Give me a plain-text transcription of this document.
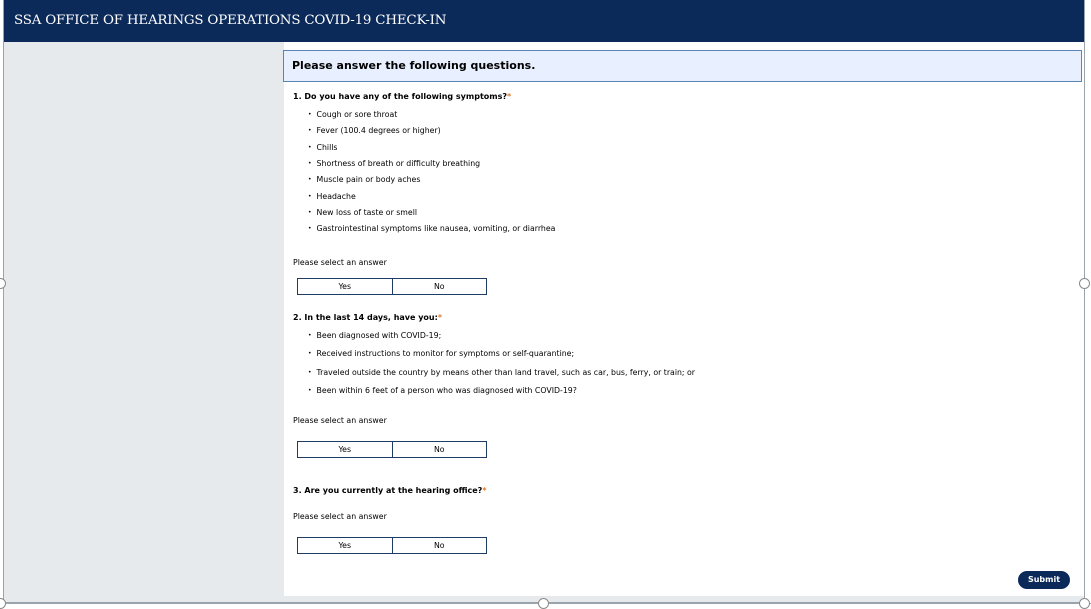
SSA OFFICE OF HEARINGS OPERATIONS COVID-19 CHECK-IN
Please answer the following questions.
1. Do you have any of the following symptoms?*
• Cough or sore throat
• Fever (100.4 degrees or higher)
• Chills
• Shortness of breath or difficulty breathing
• Muscle pain or body aches
• Headache
• New loss of taste or smell
• Gastrointestinal symptoms like nausea, vomiting, or diarrhea
Please select an answer
Yes	No
2. In the last 14 days, have you:*
• Been diagnosed with COVID-19;
• Received instructions to monitor for symptoms or self-quarantine;
• Traveled outside the country by means other than land travel, such as car, bus, ferry, or train; or
• Been within 6 feet of a person who was diagnosed with COVID-19?
Please select an answer
Yes	No
3. Are you currently at the hearing office?*
Please select an answer
Yes	No
Submit
